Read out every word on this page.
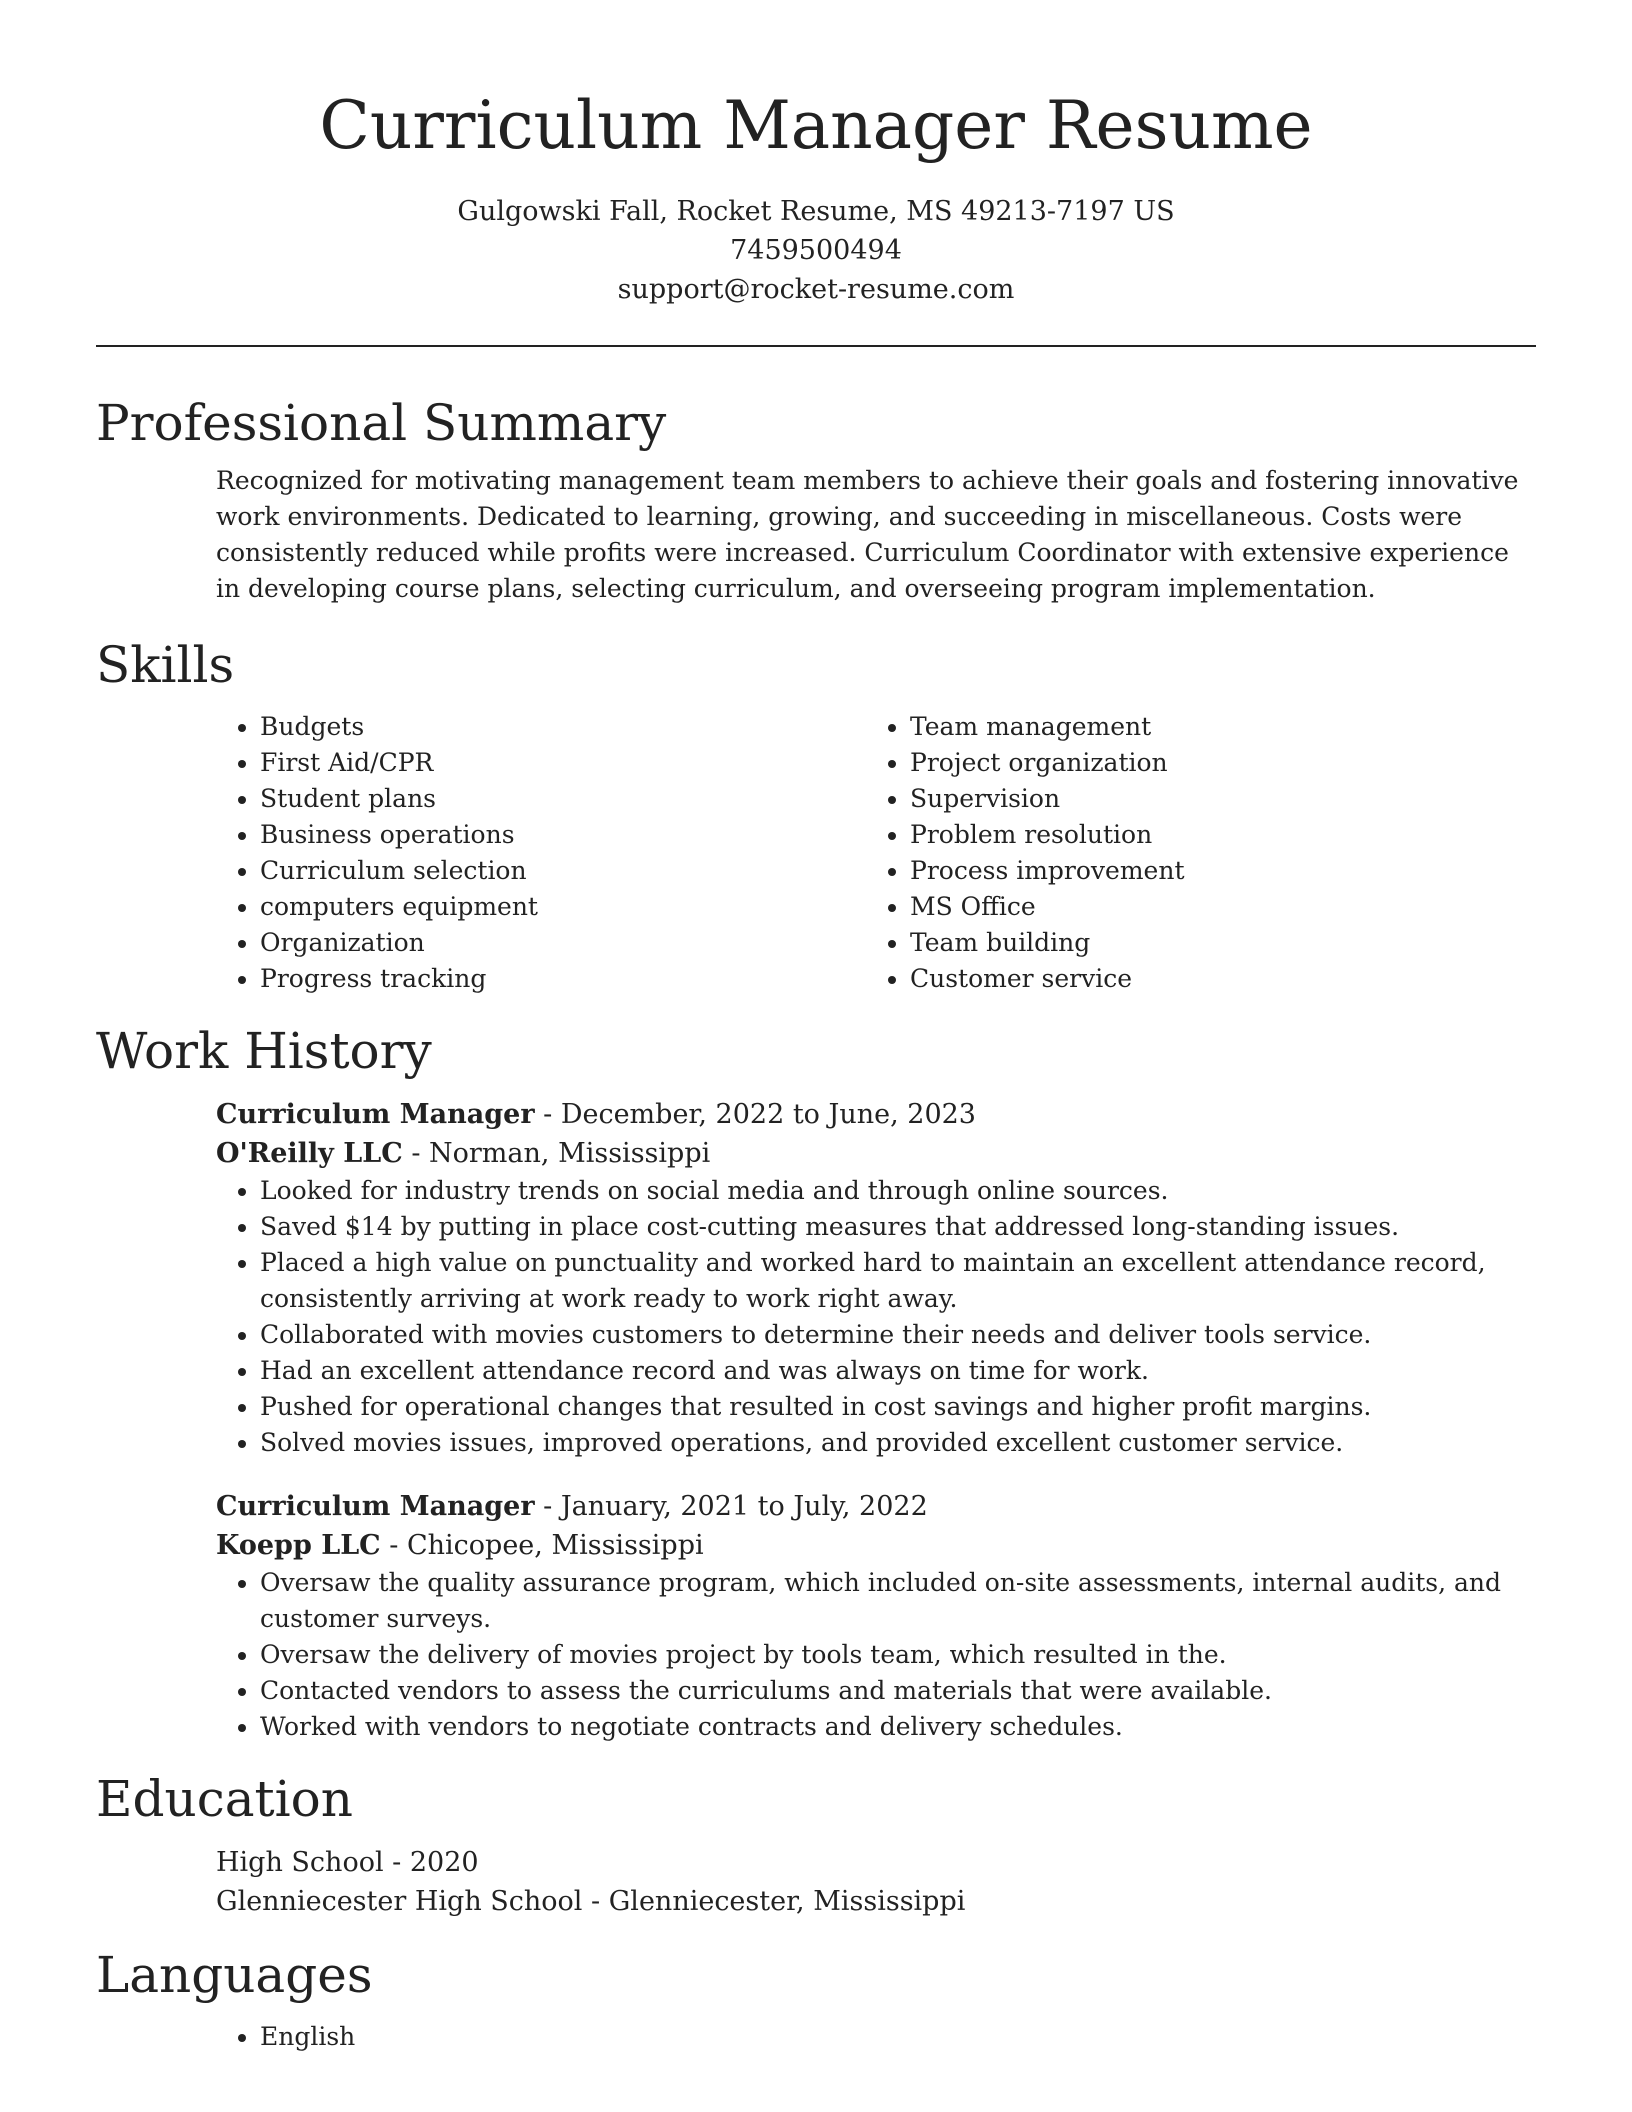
Curriculum Manager Resume
Gulgowski Fall, Rocket Resume, MS 49213-7197 US
7459500494
support@rocket-resume.com
Professional Summary
Recognized for motivating management team members to achieve their goals and fostering innovative work environments. Dedicated to learning, growing, and succeeding in miscellaneous. Costs were consistently reduced while profits were increased. Curriculum Coordinator with extensive experience in developing course plans, selecting curriculum, and overseeing program implementation.
Skills
• Budgets
• First Aid/CPR
• Student plans
• Business operations
• Curriculum selection
• computers equipment
• Organization
• Progress tracking
• Team management
• Project organization
• Supervision
• Problem resolution
• Process improvement
• MS Office
• Team building
• Customer service
Work History
Curriculum Manager - December, 2022 to June, 2023
O'Reilly LLC - Norman, Mississippi
• Looked for industry trends on social media and through online sources.
• Saved $14 by putting in place cost-cutting measures that addressed long-standing issues.
• Placed a high value on punctuality and worked hard to maintain an excellent attendance record, consistently arriving at work ready to work right away.
• Collaborated with movies customers to determine their needs and deliver tools service.
• Had an excellent attendance record and was always on time for work.
• Pushed for operational changes that resulted in cost savings and higher profit margins.
• Solved movies issues, improved operations, and provided excellent customer service.
Curriculum Manager - January, 2021 to July, 2022
Koepp LLC - Chicopee, Mississippi
• Oversaw the quality assurance program, which included on-site assessments, internal audits, and customer surveys.
• Oversaw the delivery of movies project by tools team, which resulted in the.
• Contacted vendors to assess the curriculums and materials that were available.
• Worked with vendors to negotiate contracts and delivery schedules.
Education
High School - 2020
Glenniecester High School - Glenniecester, Mississippi
Languages
• English
